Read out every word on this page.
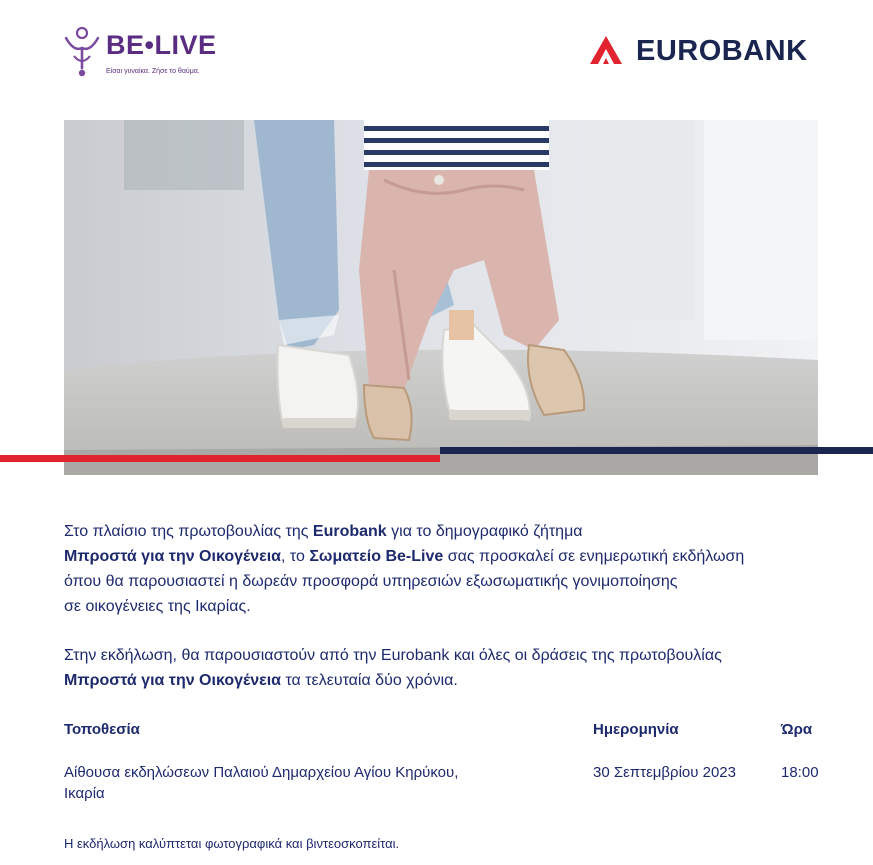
BE•LIVE
Είσαι γυναίκα. Ζήσε το θαύμα.
EUROBANK
Στο πλαίσιο της πρωτοβουλίας της Eurobank για το δημογραφικό ζήτημα
Μπροστά για την Οικογένεια, το Σωματείο Be-Live σας προσκαλεί σε ενημερωτική εκδήλωση
όπου θα παρουσιαστεί η δωρεάν προσφορά υπηρεσιών εξωσωματικής γονιμοποίησης
σε οικογένειες της Ικαρίας.
Στην εκδήλωση, θα παρουσιαστούν από την Eurobank και όλες οι δράσεις της πρωτοβουλίας
Μπροστά για την Οικογένεια τα τελευταία δύο χρόνια.
Τοποθεσία	Ημερομηνία	Ώρα
Αίθουσα εκδηλώσεων Παλαιού Δημαρχείου Αγίου Κηρύκου,
Ικαρία
30 Σεπτεμβρίου 2023	18:00
Η εκδήλωση καλύπτεται φωτογραφικά και βιντεοσκοπείται.
